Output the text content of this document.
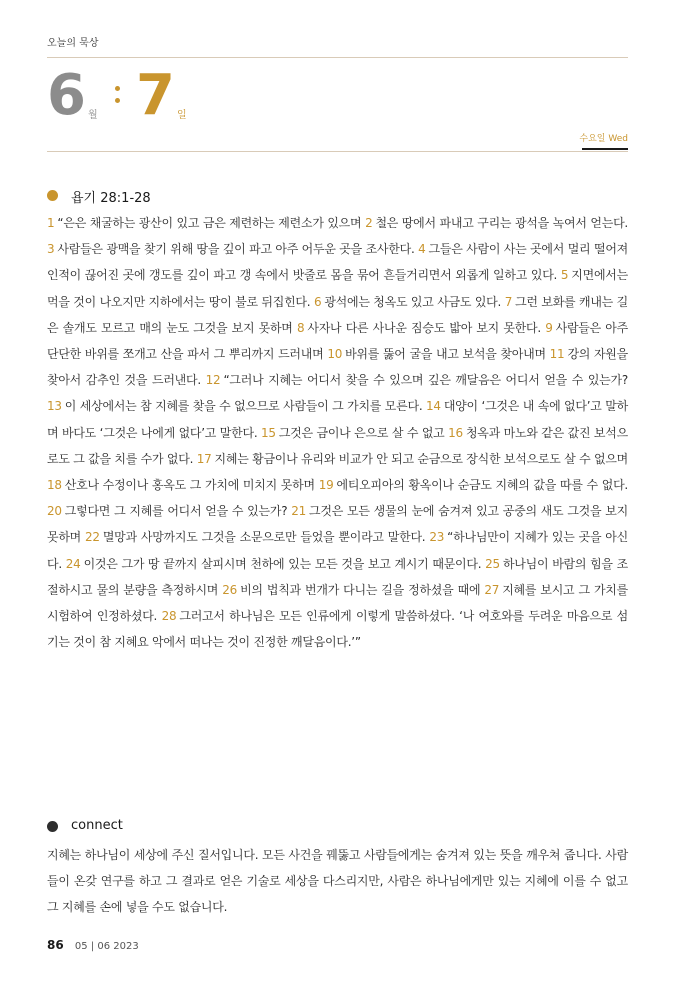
오늘의 묵상
6 월 7 일
수요일 Wed
욥기 28:1-28
1 “은은 채굴하는 광산이 있고 금은 제련하는 제련소가 있으며 2 철은 땅에서 파내고 구리는 광석을 녹여서 얻는다. 3 사람들은 광맥을 찾기 위해 땅을 깊이 파고 아주 어두운 곳을 조사한다. 4 그들은 사람이 사는 곳에서 멀리 떨어져 인적이 끊어진 곳에 갱도를 깊이 파고 갱 속에서 밧줄로 몸을 묶어 흔들거리면서 외롭게 일하고 있다. 5 지면에서는 먹을 것이 나오지만 지하에서는 땅이 불로 뒤집힌다. 6 광석에는 청옥도 있고 사금도 있다. 7 그런 보화를 캐내는 길은 솔개도 모르고 매의 눈도 그것을 보지 못하며 8 사자나 다른 사나운 짐승도 밟아 보지 못한다. 9 사람들은 아주 단단한 바위를 쪼개고 산을 파서 그 뿌리까지 드러내며 10 바위를 뚫어 굴을 내고 보석을 찾아내며 11 강의 자원을 찾아서 감추인 것을 드러낸다. 12 “그러나 지혜는 어디서 찾을 수 있으며 깊은 깨달음은 어디서 얻을 수 있는가? 13 이 세상에서는 참 지혜를 찾을 수 없으므로 사람들이 그 가치를 모른다. 14 대양이 ‘그것은 내 속에 없다’고 말하며 바다도 ‘그것은 나에게 없다’고 말한다. 15 그것은 금이나 은으로 살 수 없고 16 청옥과 마노와 같은 값진 보석으로도 그 값을 치를 수가 없다. 17 지혜는 황금이나 유리와 비교가 안 되고 순금으로 장식한 보석으로도 살 수 없으며 18 산호나 수정이나 홍옥도 그 가치에 미치지 못하며 19 에티오피아의 황옥이나 순금도 지혜의 값을 따를 수 없다. 20 그렇다면 그 지혜를 어디서 얻을 수 있는가? 21 그것은 모든 생물의 눈에 숨겨져 있고 공중의 새도 그것을 보지 못하며 22 멸망과 사망까지도 그것을 소문으로만 들었을 뿐이라고 말한다. 23 “하나님만이 지혜가 있는 곳을 아신다. 24 이것은 그가 땅 끝까지 살피시며 천하에 있는 모든 것을 보고 계시기 때문이다. 25 하나님이 바람의 힘을 조절하시고 물의 분량을 측정하시며 26 비의 법칙과 번개가 다니는 길을 정하셨을 때에 27 지혜를 보시고 그 가치를 시험하여 인정하셨다. 28 그러고서 하나님은 모든 인류에게 이렇게 말씀하셨다. ‘나 여호와를 두려운 마음으로 섬기는 것이 참 지혜요 악에서 떠나는 것이 진정한 깨달음이다.’”
connect
지혜는 하나님이 세상에 주신 질서입니다. 모든 사건을 꿰뚫고 사람들에게는 숨겨져 있는 뜻을 깨우쳐 줍니다. 사람들이 온갖 연구를 하고 그 결과로 얻은 기술로 세상을 다스리지만, 사람은 하나님에게만 있는 지혜에 이를 수 없고 그 지혜를 손에 넣을 수도 없습니다.
86 05 | 06 2023
